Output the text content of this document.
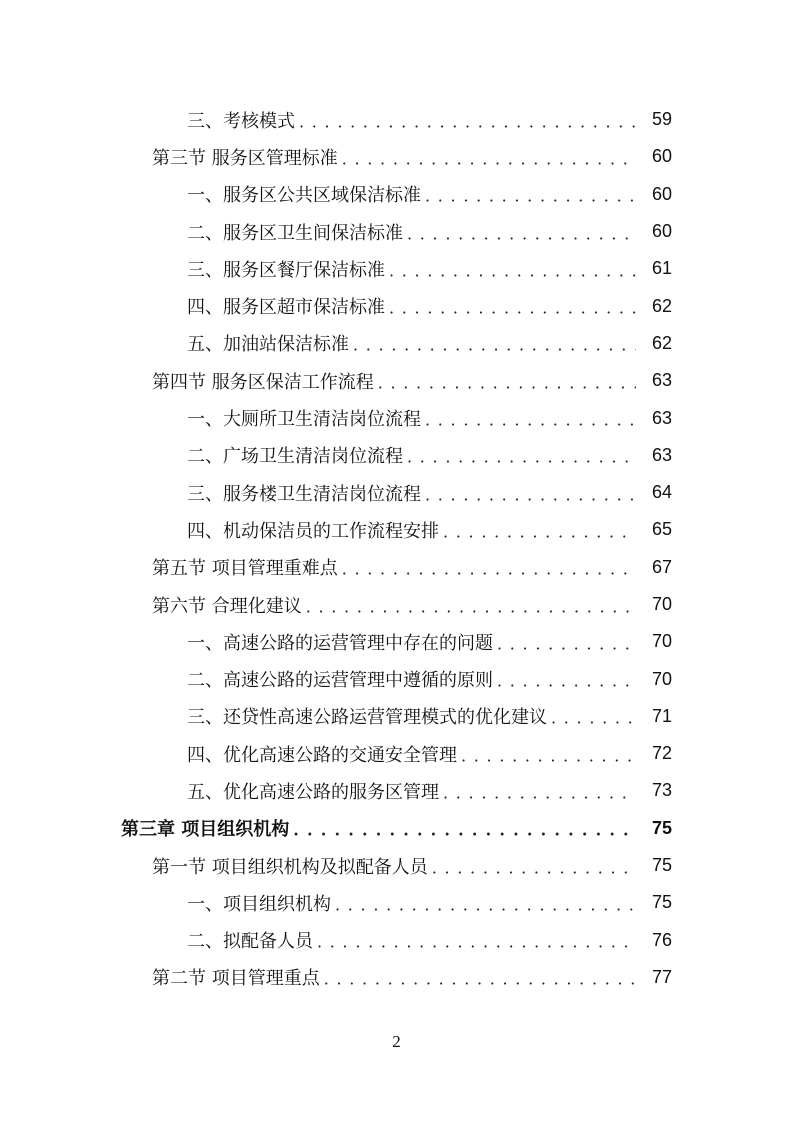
三、考核模式 . . .	59
第三节 服务区管理标准 . . .	60
一、服务区公共区域保洁标准 . . .	60
二、服务区卫生间保洁标准 . . .	60
三、服务区餐厅保洁标准 . . .	61
四、服务区超市保洁标准 . . .	62
五、加油站保洁标准 . . .	62
第四节 服务区保洁工作流程 . . .	63
一、大厕所卫生清洁岗位流程 . . .	63
二、广场卫生清洁岗位流程 . . .	63
三、服务楼卫生清洁岗位流程 . . .	64
四、机动保洁员的工作流程安排 . . .	65
第五节 项目管理重难点 . . .	67
第六节 合理化建议 . . .	70
一、高速公路的运营管理中存在的问题 . . .	70
二、高速公路的运营管理中遵循的原则 . . .	70
三、还贷性高速公路运营管理模式的优化建议 . . .	71
四、优化高速公路的交通安全管理 . . .	72
五、优化高速公路的服务区管理 . . .	73
第三章 项目组织机构 . . .	75
第一节 项目组织机构及拟配备人员 . . .	75
一、项目组织机构 . . .	75
二、拟配备人员 . . .	76
第二节 项目管理重点 . . .	77
2
